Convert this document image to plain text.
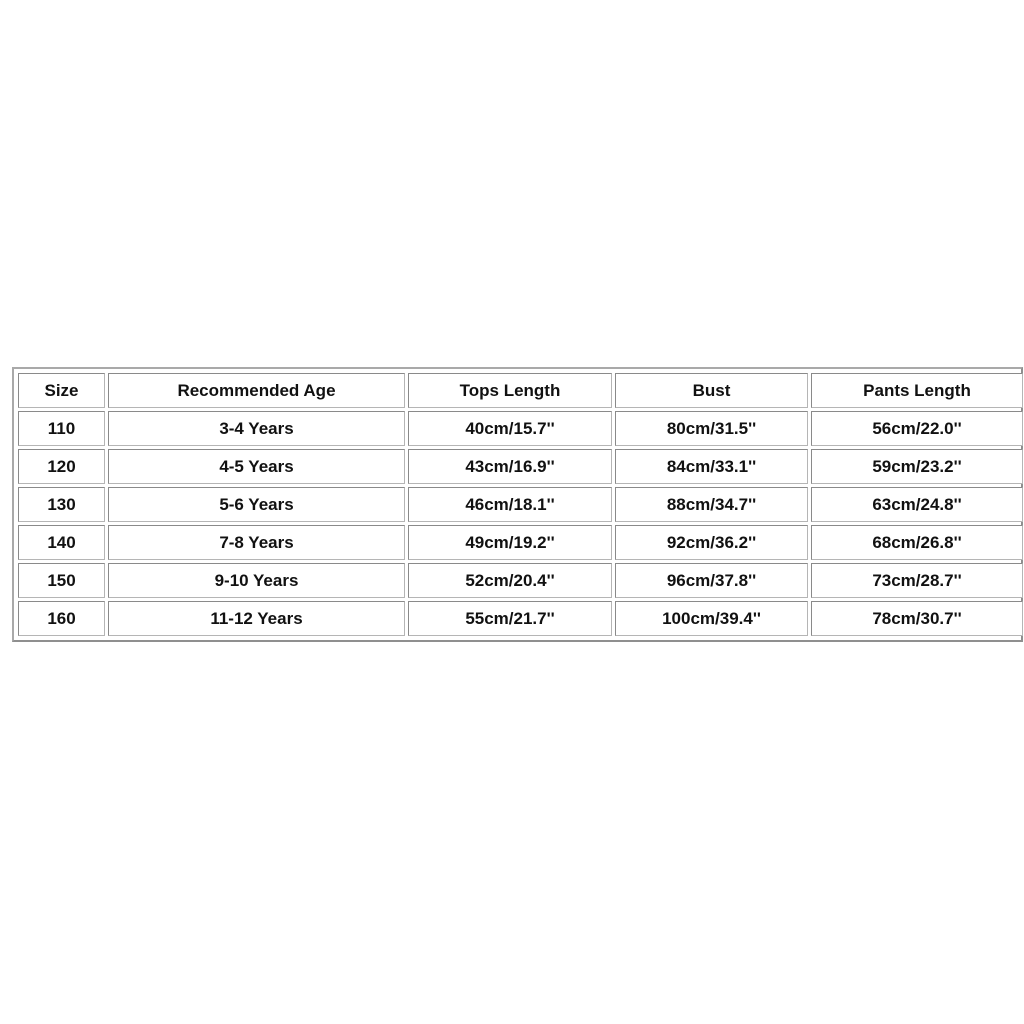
Size	Recommended Age	Tops Length	Bust	Pants Length
110	3-4 Years	40cm/15.7''	80cm/31.5''	56cm/22.0''
120	4-5 Years	43cm/16.9''	84cm/33.1''	59cm/23.2''
130	5-6 Years	46cm/18.1''	88cm/34.7''	63cm/24.8''
140	7-8 Years	49cm/19.2''	92cm/36.2''	68cm/26.8''
150	9-10 Years	52cm/20.4''	96cm/37.8''	73cm/28.7''
160	11-12 Years	55cm/21.7''	100cm/39.4''	78cm/30.7''
